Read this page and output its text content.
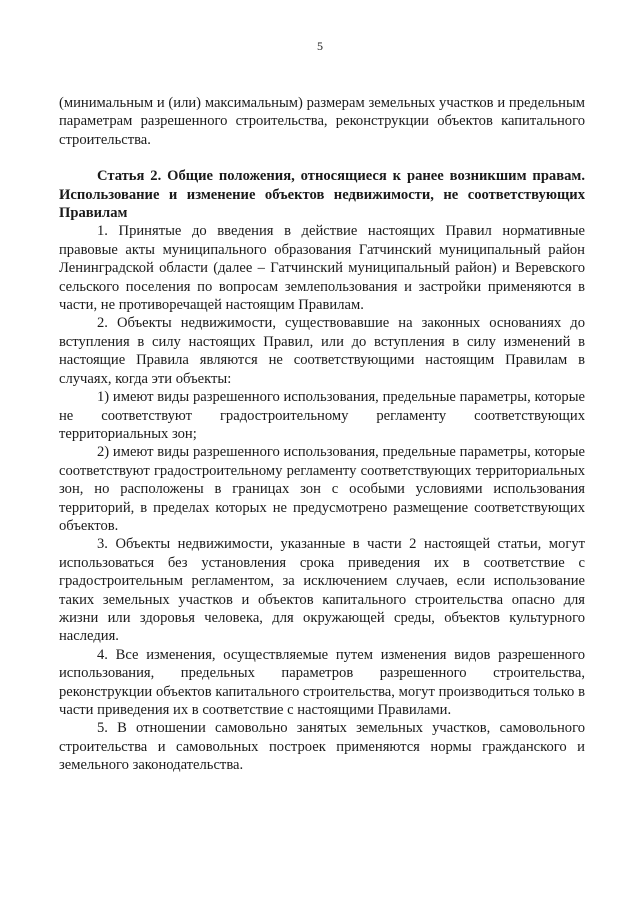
5

(минимальным и (или) максимальным) размерам земельных участков и предельным параметрам разрешенного строительства, реконструкции объектов капитального строительства.

Статья 2. Общие положения, относящиеся к ранее возникшим правам. Использование и изменение объектов недвижимости, не соответствующих Правилам

1. Принятые до введения в действие настоящих Правил нормативные правовые акты муниципального образования Гатчинский муниципальный район Ленинградской области (далее – Гатчинский муниципальный район) и Веревского сельского поселения по вопросам землепользования и застройки применяются в части, не противоречащей настоящим Правилам.

2. Объекты недвижимости, существовавшие на законных основаниях до вступления в силу настоящих Правил, или до вступления в силу изменений в настоящие Правила являются не соответствующими настоящим Правилам в случаях, когда эти объекты:

1) имеют виды разрешенного использования, предельные параметры, которые не соответствуют градостроительному регламенту соответствующих территориальных зон;

2) имеют виды разрешенного использования, предельные параметры, которые соответствуют градостроительному регламенту соответствующих территориальных зон, но расположены в границах зон с особыми условиями использования территорий, в пределах которых не предусмотрено размещение соответствующих объектов.

3. Объекты недвижимости, указанные в части 2 настоящей статьи, могут использоваться без установления срока приведения их в соответствие с градостроительным регламентом, за исключением случаев, если использование таких земельных участков и объектов капитального строительства опасно для жизни или здоровья человека, для окружающей среды, объектов культурного наследия.

4. Все изменения, осуществляемые путем изменения видов разрешенного использования, предельных параметров разрешенного строительства, реконструкции объектов капитального строительства, могут производиться только в части приведения их в соответствие с настоящими Правилами.

5. В отношении самовольно занятых земельных участков, самовольного строительства и самовольных построек применяются нормы гражданского и земельного законодательства.
